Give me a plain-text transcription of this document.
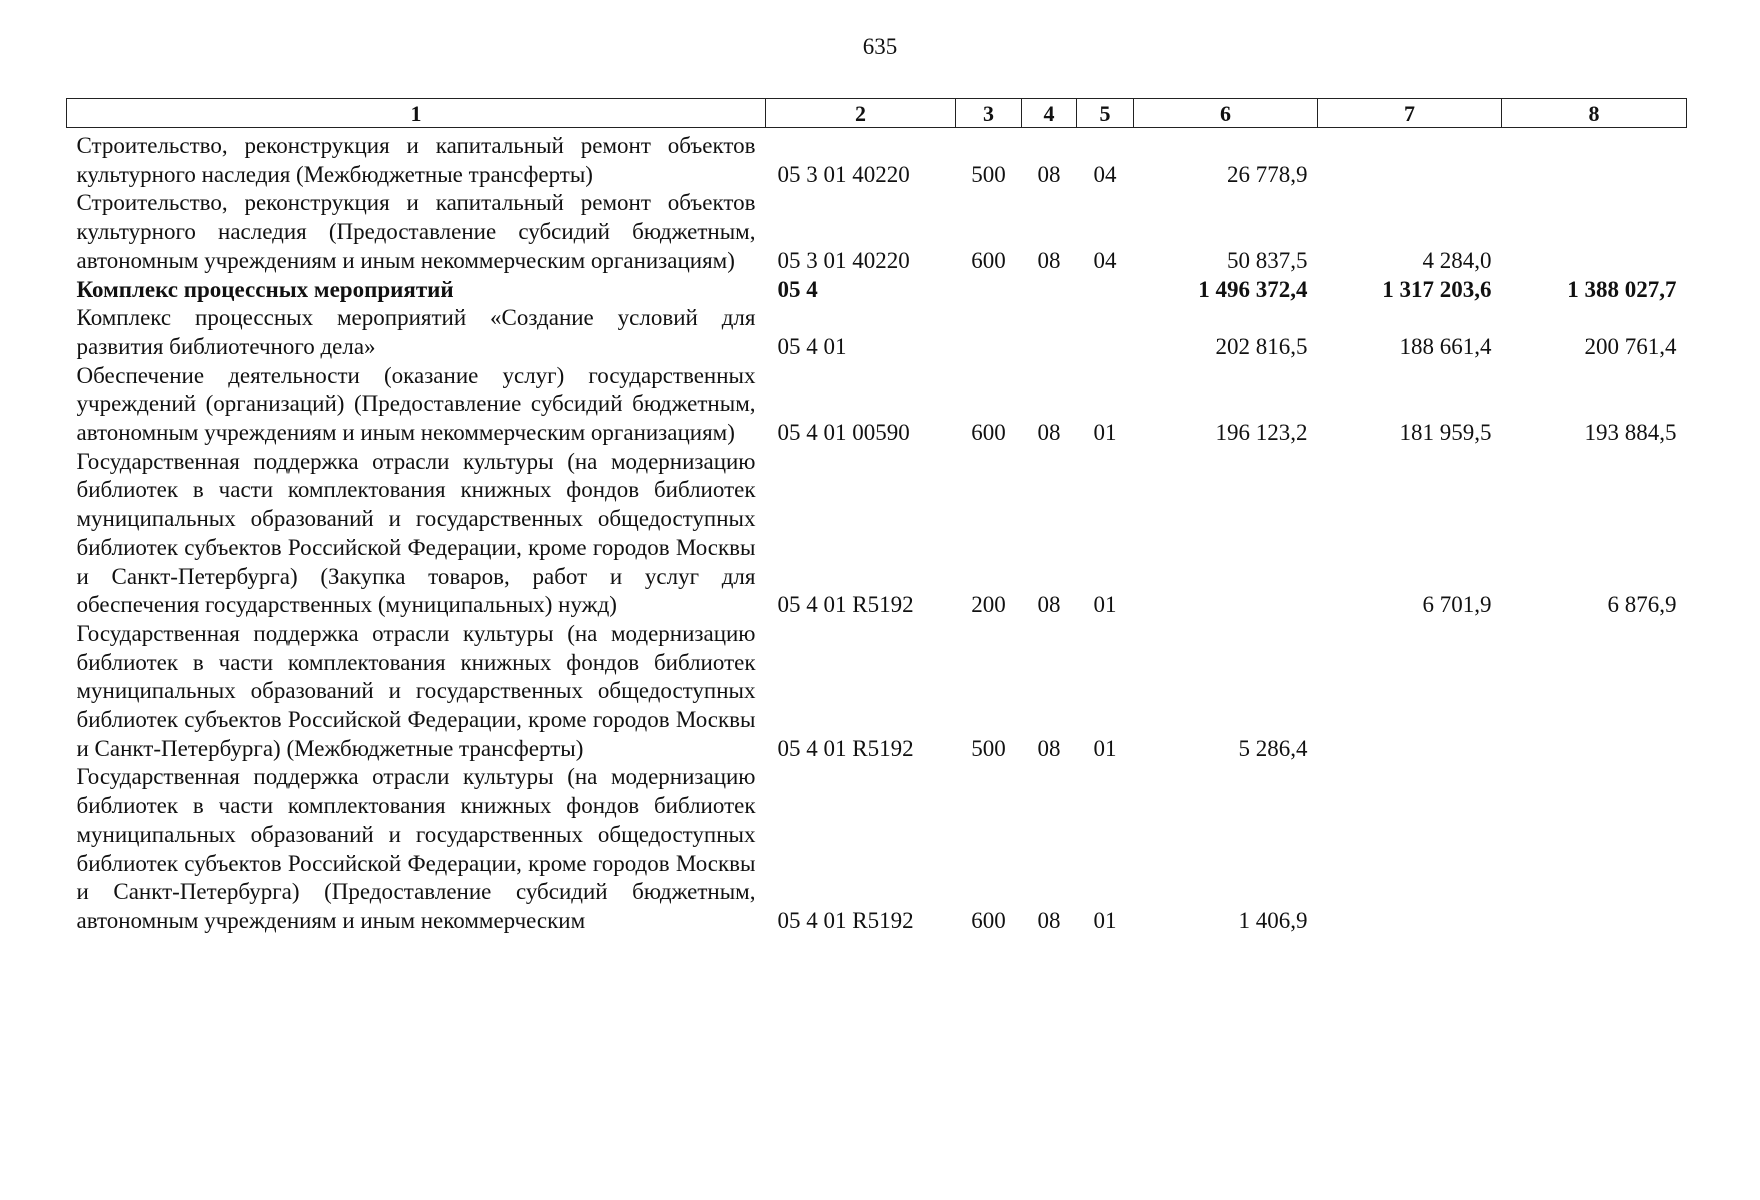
635
1	2	3	4	5	6	7	8
Строительство, реконструкция и капитальный ремонт объектов культурного наследия (Межбюджетные трансферты)	05 3 01 40220	500	08	04	26 778,9		
Строительство, реконструкция и капитальный ремонт объектов культурного наследия (Предоставление субсидий бюджетным, автономным учреждениям и иным некоммерческим организациям)	05 3 01 40220	600	08	04	50 837,5	4 284,0	
Комплекс процессных мероприятий	05 4				1 496 372,4	1 317 203,6	1 388 027,7
Комплекс процессных мероприятий «Создание условий для развития библиотечного дела»	05 4 01				202 816,5	188 661,4	200 761,4
Обеспечение деятельности (оказание услуг) государственных учреждений (организаций) (Предоставление субсидий бюджетным, автономным учреждениям и иным некоммерческим организациям)	05 4 01 00590	600	08	01	196 123,2	181 959,5	193 884,5
Государственная поддержка отрасли культуры (на модернизацию библиотек в части комплектования книжных фондов библиотек муниципальных образований и государственных общедоступных библиотек субъектов Российской Федерации, кроме городов Москвы и Санкт-Петербурга) (Закупка товаров, работ и услуг для обеспечения государственных (муниципальных) нужд)	05 4 01 R5192	200	08	01		6 701,9	6 876,9
Государственная поддержка отрасли культуры (на модернизацию библиотек в части комплектования книжных фондов библиотек муниципальных образований и государственных общедоступных библиотек субъектов Российской Федерации, кроме городов Москвы и Санкт-Петербурга) (Межбюджетные трансферты)	05 4 01 R5192	500	08	01	5 286,4		
Государственная поддержка отрасли культуры (на модернизацию библиотек в части комплектования книжных фондов библиотек муниципальных образований и государственных общедоступных библиотек субъектов Российской Федерации, кроме городов Москвы и Санкт-Петербурга) (Предоставление субсидий бюджетным, автономным учреждениям и иным некоммерческим	05 4 01 R5192	600	08	01	1 406,9		
